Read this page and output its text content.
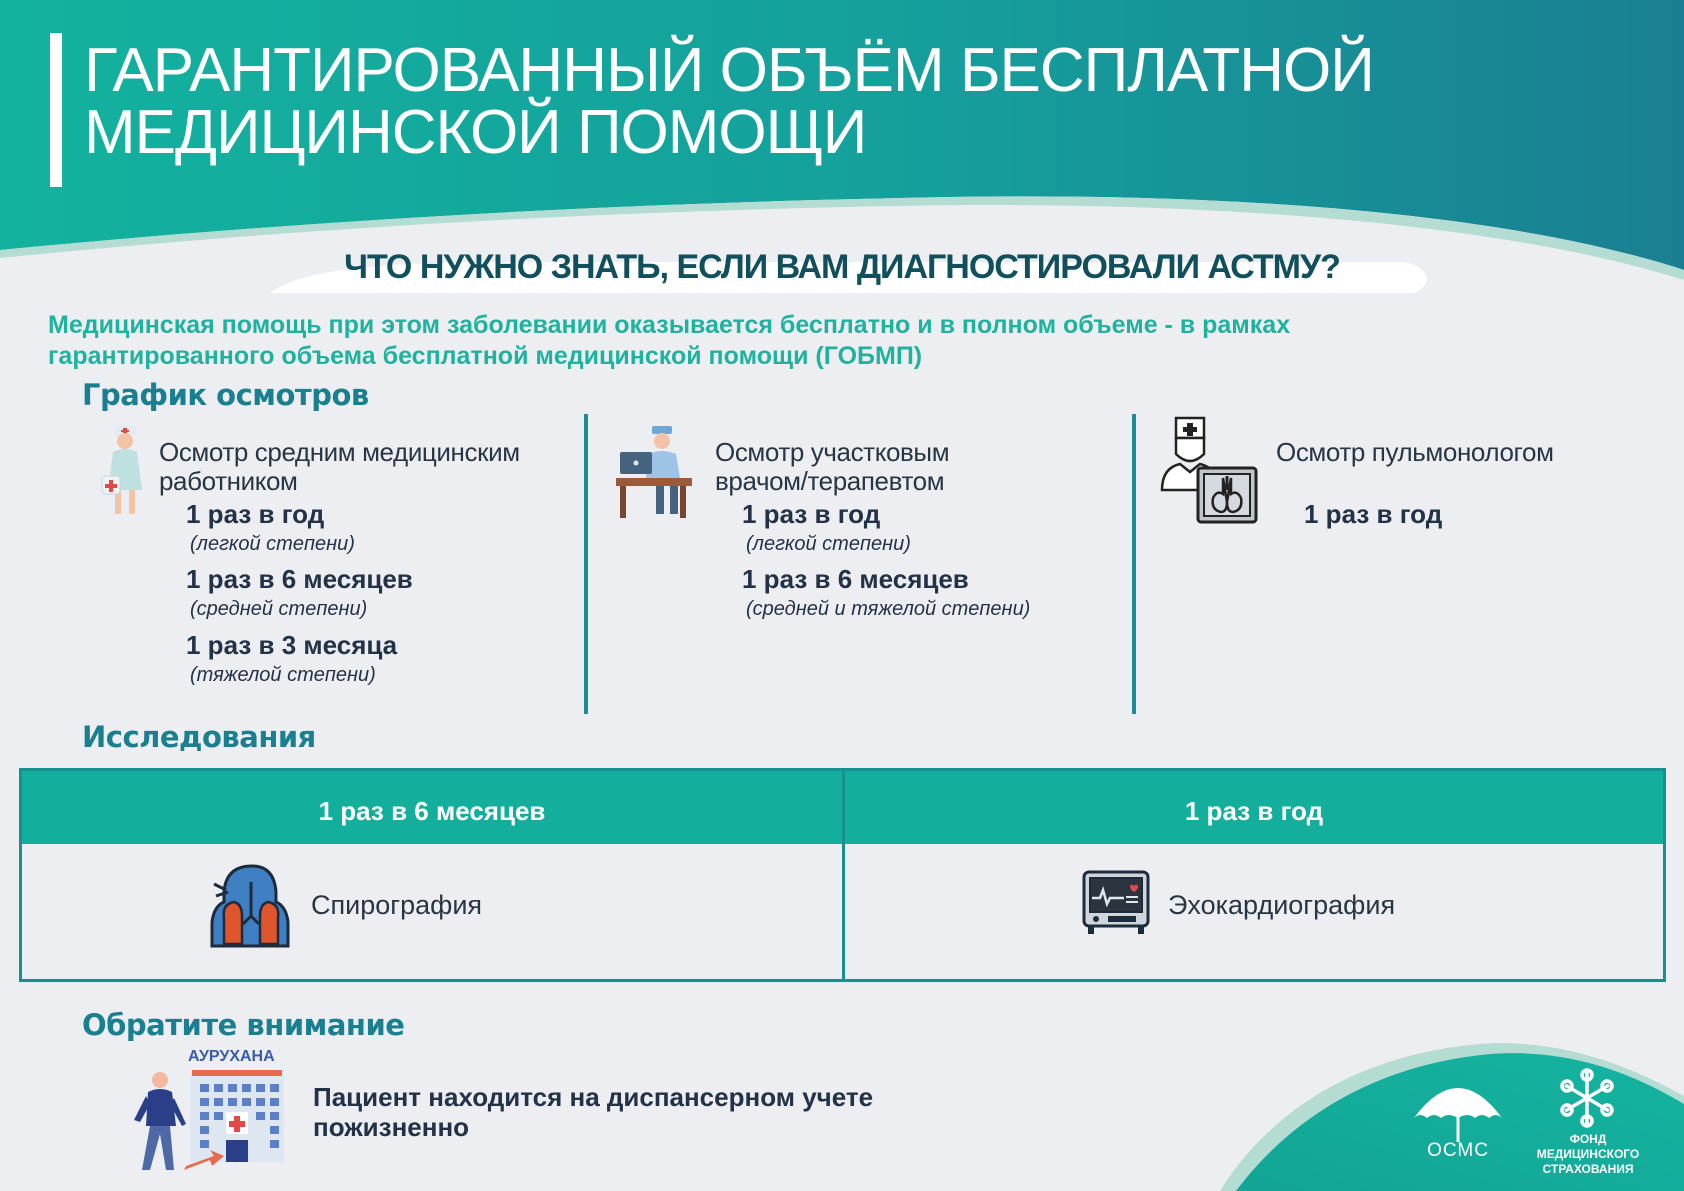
ГАРАНТИРОВАННЫЙ ОБЪЁМ БЕСПЛАТНОЙ
МЕДИЦИНСКОЙ ПОМОЩИ
ЧТО НУЖНО ЗНАТЬ, ЕСЛИ ВАМ ДИАГНОСТИРОВАЛИ АСТМУ?
Медицинская помощь при этом заболевании оказывается бесплатно и в полном объеме - в рамках
гарантированного объема бесплатной медицинской помощи (ГОБМП)
График осмотров
Осмотр средним медицинским
работником
1 раз в год
(легкой степени)
1 раз в 6 месяцев
(средней степени)
1 раз в 3 месяца
(тяжелой степени)
Осмотр участковым
врачом/терапевтом
1 раз в год
(легкой степени)
1 раз в 6 месяцев
(средней и тяжелой степени)
Осмотр пульмонологом
1 раз в год
Исследования
1 раз в 6 месяцев	1 раз в год
Спирография	Эхокардиография
Обратите внимание
АУРУХАНА
Пациент находится на диспансерном учете
пожизненно
ОСМС
ФОНД
МЕДИЦИНСКОГО
СТРАХОВАНИЯ
